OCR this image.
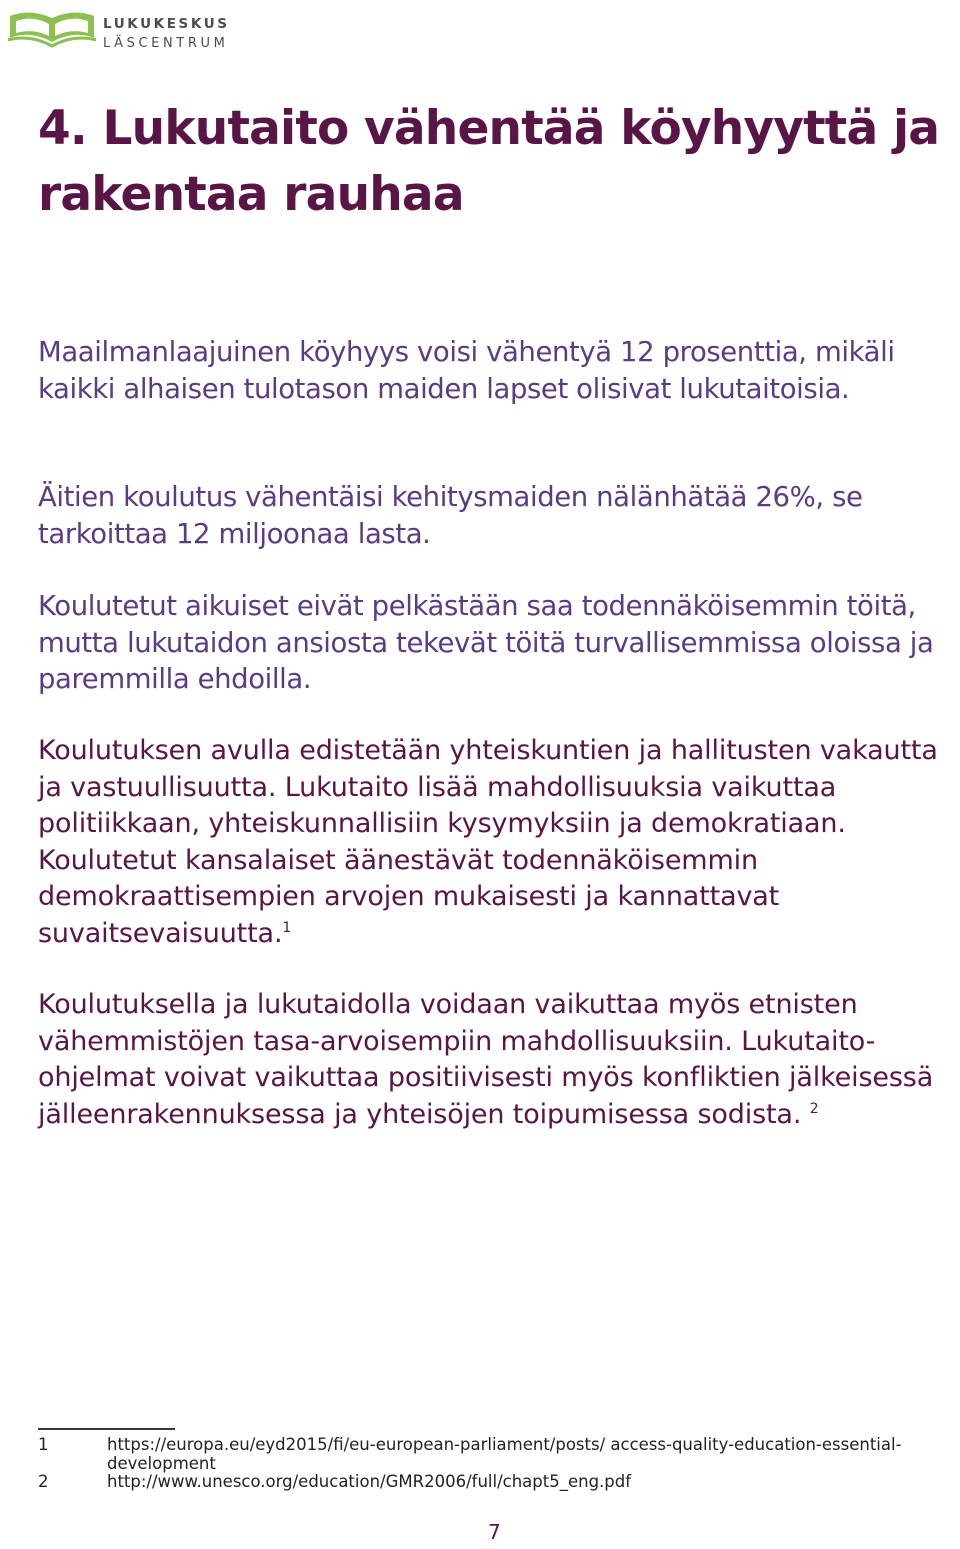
LUKUKESKUS
LÄSCENTRUM
4. Lukutaito vähentää köyhyyttä ja rakentaa rauhaa

Maailmanlaajuinen köyhyys voisi vähentyä 12 prosenttia, mikäli kaikki alhaisen tulotason maiden lapset olisivat lukutaitoisia.

Äitien koulutus vähentäisi kehitysmaiden nälänhätää 26%, se tarkoittaa 12 miljoonaa lasta.

Koulutetut aikuiset eivät pelkästään saa todennäköisemmin töitä, mutta lukutaidon ansiosta tekevät töitä turvallisemmissa oloissa ja paremmilla ehdoilla.

Koulutuksen avulla edistetään yhteiskuntien ja hallitusten vakautta ja vastuullisuutta. Lukutaito lisää mahdollisuuksia vaikuttaa politiikkaan, yhteiskunnallisiin kysymyksiin ja demokratiaan. Koulutetut kansalaiset äänestävät todennäköisemmin demokraattisempien arvojen mukaisesti ja kannattavat suvaitsevaisuutta.$^1$

Koulutuksella ja lukutaidolla voidaan vaikuttaa myös etnisten vähemmistöjen tasa-arvoisempiin mahdollisuuksiin. Lukutaito-ohjelmat voivat vaikuttaa positiivisesti myös konfliktien jälkeisessä jälleenrakennuksessa ja yhteisöjen toipumisessa sodista. $^2$

1	https://europa.eu/eyd2015/fi/eu-european-parliament/posts/ access-quality-education-essential-development
2	http://www.unesco.org/education/GMR2006/full/chapt5_eng.pdf
7
